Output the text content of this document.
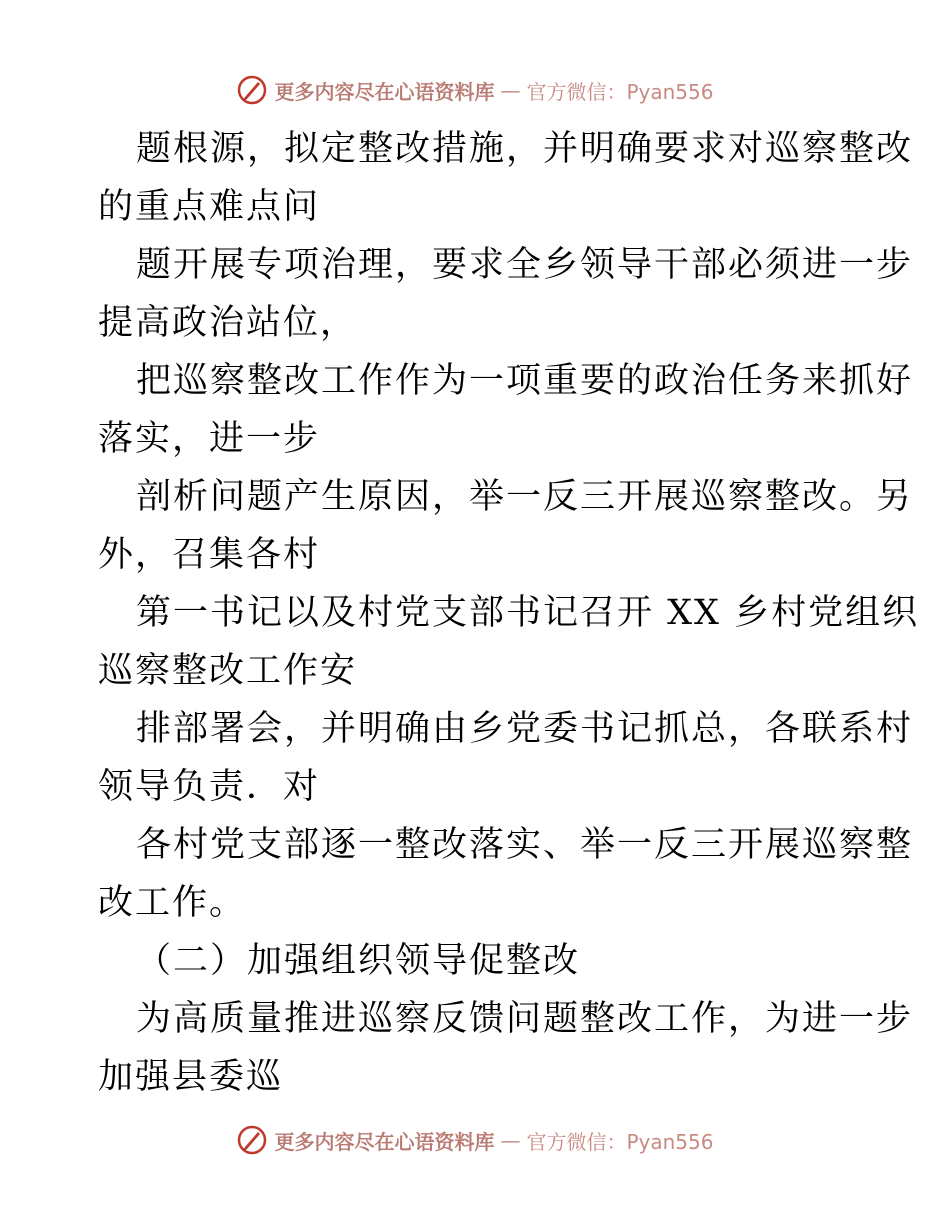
更多内容尽在心语资料库 — 官方微信：Pyan556
题根源，拟定整改措施，并明确要求对巡察整改
的重点难点问
题开展专项治理，要求全乡领导干部必须进一步
提高政治站位，
把巡察整改工作作为一项重要的政治任务来抓好
落实，进一步
剖析问题产生原因，举一反三开展巡察整改。另
外，召集各村
第一书记以及村党支部书记召开 XX 乡村党组织
巡察整改工作安
排部署会，并明确由乡党委书记抓总，各联系村
领导负责．对
各村党支部逐一整改落实、举一反三开展巡察整
改工作。
（二）加强组织领导促整改
为高质量推进巡察反馈问题整改工作，为进一步
加强县委巡
更多内容尽在心语资料库 — 官方微信：Pyan556
